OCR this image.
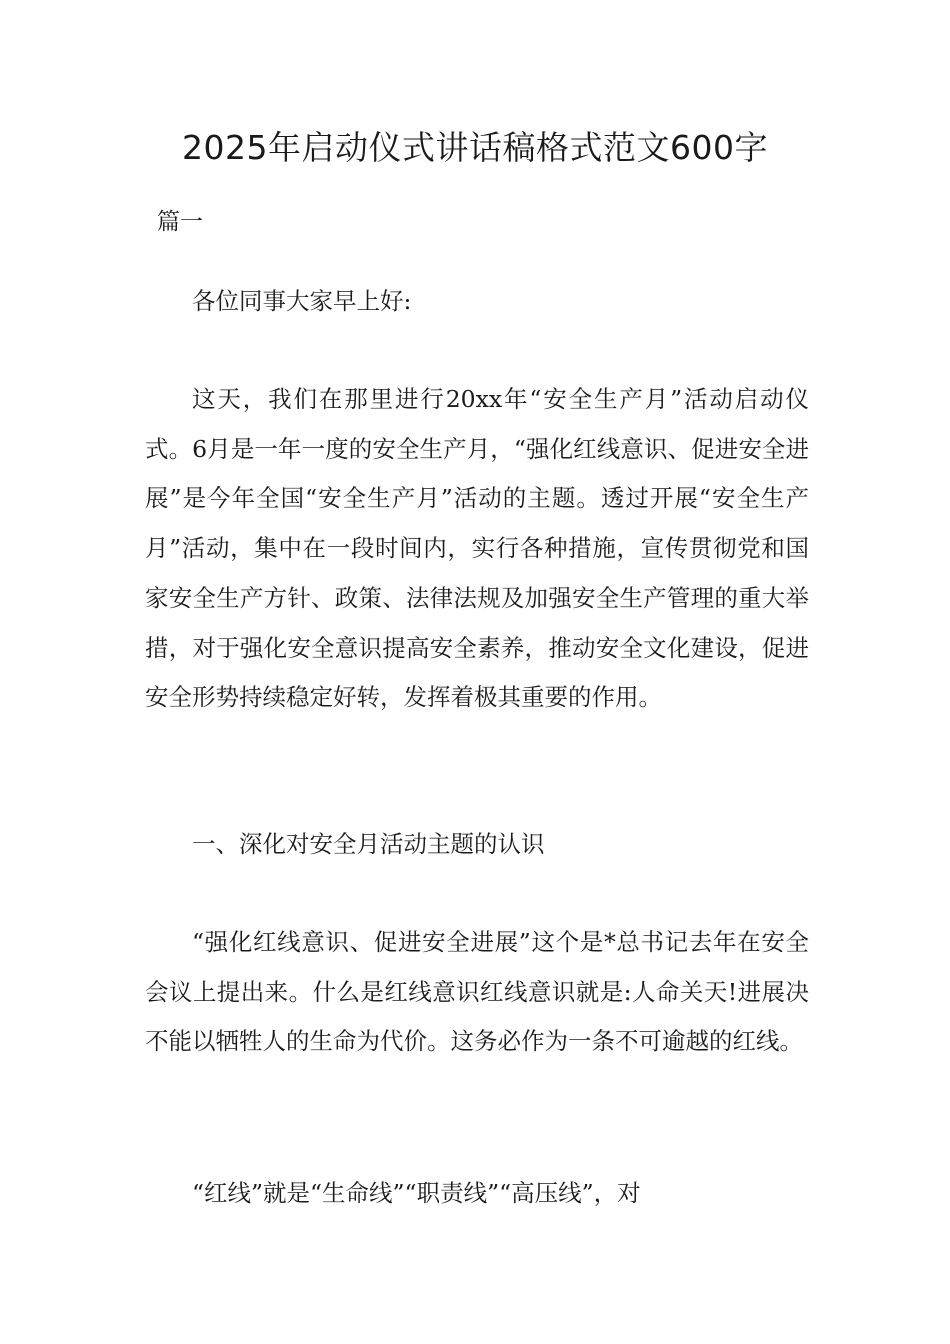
2025年启动仪式讲话稿格式范文600字

篇一

各位同事大家早上好:

这天，我们在那里进行20xx年“安全生产月”活动启动仪式。6月是一年一度的安全生产月，“强化红线意识、促进安全进展”是今年全国“安全生产月”活动的主题。透过开展“安全生产月”活动，集中在一段时间内，实行各种措施，宣传贯彻党和国家安全生产方针、政策、法律法规及加强安全生产管理的重大举措，对于强化安全意识提高安全素养，推动安全文化建设，促进安全形势持续稳定好转，发挥着极其重要的作用。

一、深化对安全月活动主题的认识

“强化红线意识、促进安全进展”这个是*总书记去年在安全会议上提出来。什么是红线意识红线意识就是:人命关天!进展决不能以牺牲人的生命为代价。这务必作为一条不可逾越的红线。

“红线”就是“生命线”“职责线”“高压线”，对
